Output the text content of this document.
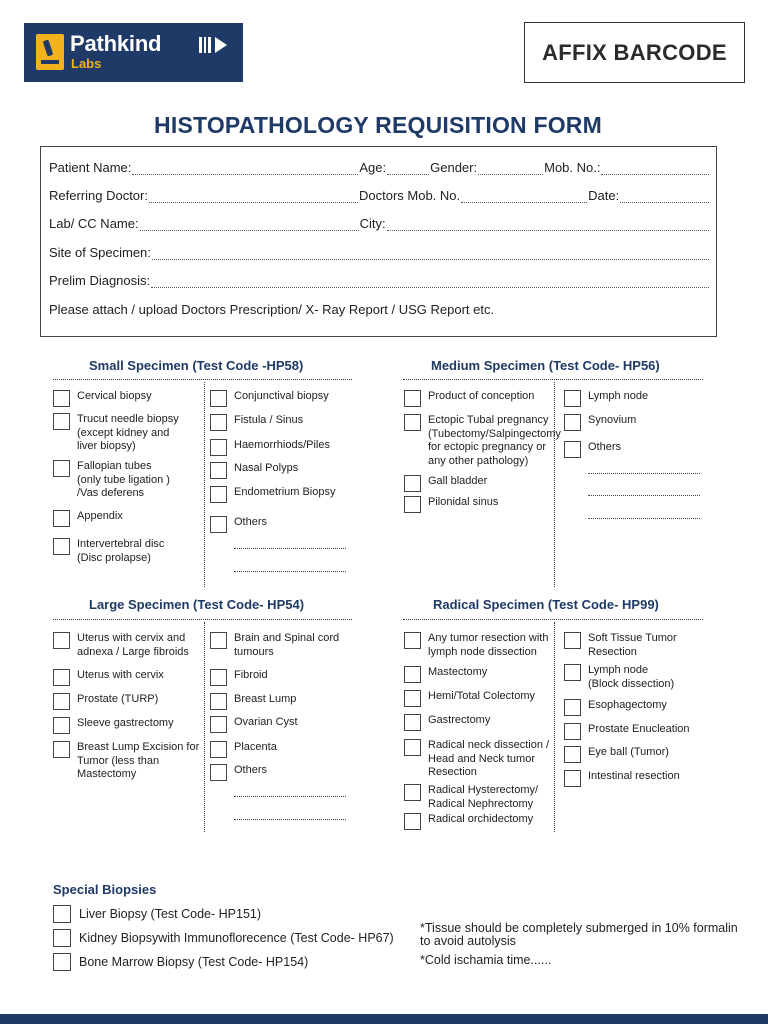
Pathkind
Labs	AFFIX BARCODE
HISTOPATHOLOGY REQUISITION FORM
Patient Name:	Age:	Gender:	Mob. No.:
Referring Doctor:	Doctors Mob. No.	Date:
Lab/ CC Name:	City:
Site of Specimen:
Prelim Diagnosis:
Please attach / upload Doctors Prescription/ X- Ray Report / USG Report etc.
Small Specimen (Test Code -HP58)	Medium Specimen (Test Code- HP56)
Large Specimen (Test Code- HP54)	Radical Specimen (Test Code- HP99)
Cervical biopsy
Trucut needle biopsy
(except kidney and
liver biopsy)
Fallopian tubes
(only tube ligation )
/Vas deferens
Appendix
Intervertebral disc
(Disc prolapse)
Conjunctival biopsy
Fistula / Sinus
Haemorrhiods/Piles
Nasal Polyps
Endometrium Biopsy
Others
Product of conception
Ectopic Tubal pregnancy
(Tubectomy/Salpingectomy
for ectopic pregnancy or
any other pathology)
Gall bladder
Pilonidal sinus
Lymph node
Synovium
Others
Uterus with cervix and
adnexa / Large fibroids
Uterus with cervix
Prostate (TURP)
Sleeve gastrectomy
Breast Lump Excision for
Tumor (less than
Mastectomy
Brain and Spinal cord
tumours
Fibroid
Breast Lump
Ovarian Cyst
Placenta
Others
Any tumor resection with
lymph node dissection
Mastectomy
Hemi/Total Colectomy
Gastrectomy
Radical neck dissection /
Head and Neck tumor
Resection
Radical Hysterectomy/
Radical Nephrectomy
Radical orchidectomy
Soft Tissue Tumor
Resection
Lymph node
(Block dissection)
Esophagectomy
Prostate Enucleation
Eye ball (Tumor)
Intestinal resection
Special Biopsies
Liver Biopsy (Test Code- HP151)
Kidney Biopsywith Immunoflorecence (Test Code- HP67)
Bone Marrow Biopsy (Test Code- HP154)
*Tissue should be completely submerged in 10% formalin
to avoid autolysis
*Cold ischamia time......
